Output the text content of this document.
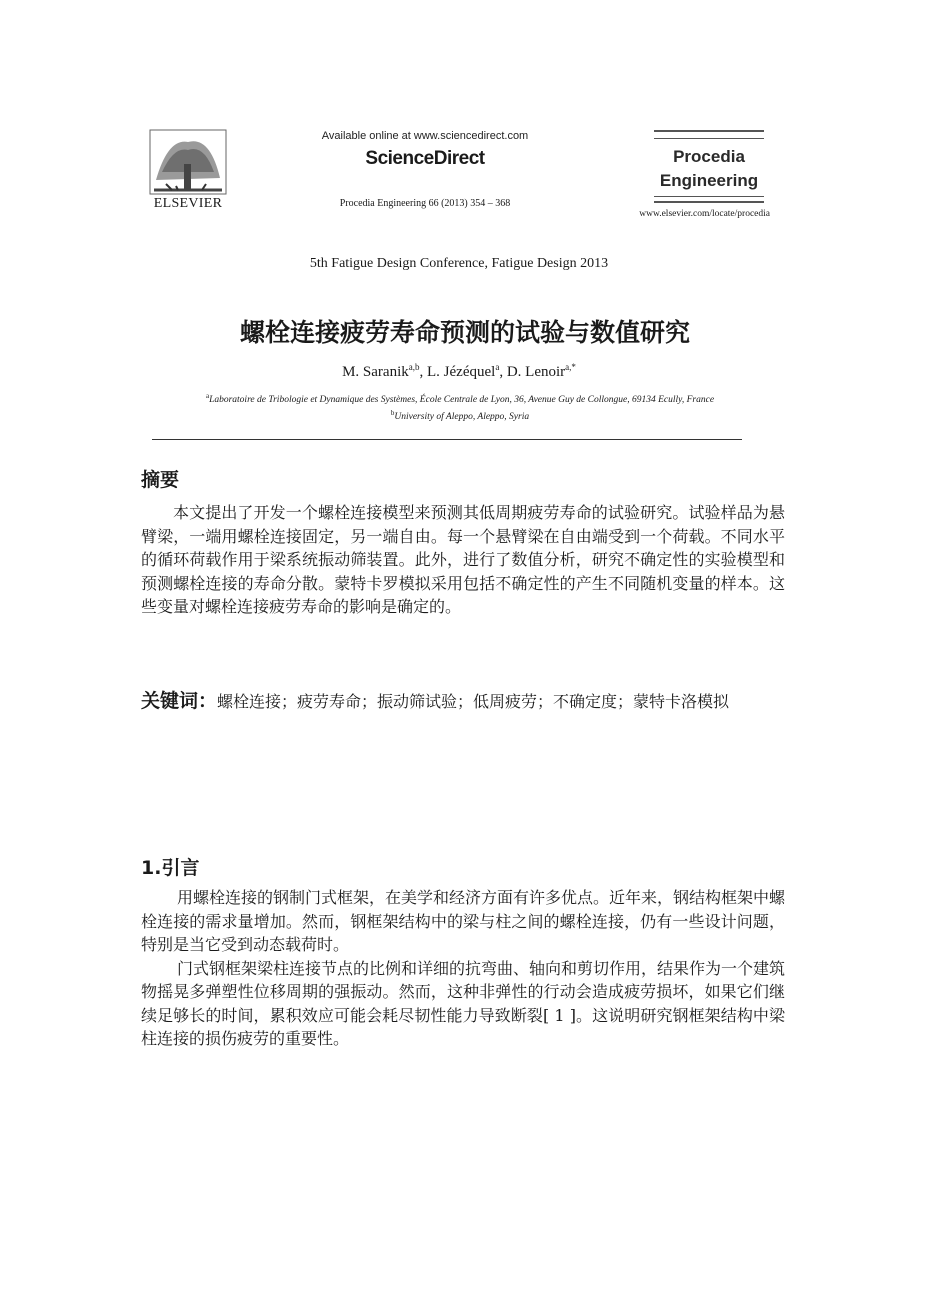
ELSEVIER
Available online at www.sciencedirect.com
ScienceDirect
Procedia Engineering 66 (2013) 354 – 368
Procedia
Engineering
www.elsevier.com/locate/procedia
5th Fatigue Design Conference, Fatigue Design 2013
螺栓连接疲劳寿命预测的试验与数值研究
M. Saranik$^{a,b}$, L. Jézéquel$^a$, D. Lenoir$^{a,*}$
$^a$Laboratoire de Tribologie et Dynamique des Systèmes, École Centrale de Lyon, 36, Avenue Guy de Collongue, 69134 Ecully, France
$^b$University of Aleppo, Aleppo, Syria
摘要
本文提出了开发一个螺栓连接模型来预测其低周期疲劳寿命的试验研究。试验样品为悬臂梁，一端用螺栓连接固定，另一端自由。每一个悬臂梁在自由端受到一个荷载。不同水平的循环荷载作用于梁系统振动筛装置。此外，进行了数值分析，研究不确定性的实验模型和预测螺栓连接的寿命分散。蒙特卡罗模拟采用包括不确定性的产生不同随机变量的样本。这些变量对螺栓连接疲劳寿命的影响是确定的。
关键词：螺栓连接；疲劳寿命；振动筛试验；低周疲劳；不确定度；蒙特卡洛模拟
1.引言

用螺栓连接的钢制门式框架，在美学和经济方面有许多优点。近年来，钢结构框架中螺栓连接的需求量增加。然而，钢框架结构中的梁与柱之间的螺栓连接，仍有一些设计问题，特别是当它受到动态载荷时。

门式钢框架梁柱连接节点的比例和详细的抗弯曲、轴向和剪切作用，结果作为一个建筑物摇晃多弹塑性位移周期的强振动。然而，这种非弹性的行动会造成疲劳损坏，如果它们继续足够长的时间，累积效应可能会耗尽韧性能力导致断裂[ 1 ]。这说明研究钢框架结构中梁柱连接的损伤疲劳的重要性。
